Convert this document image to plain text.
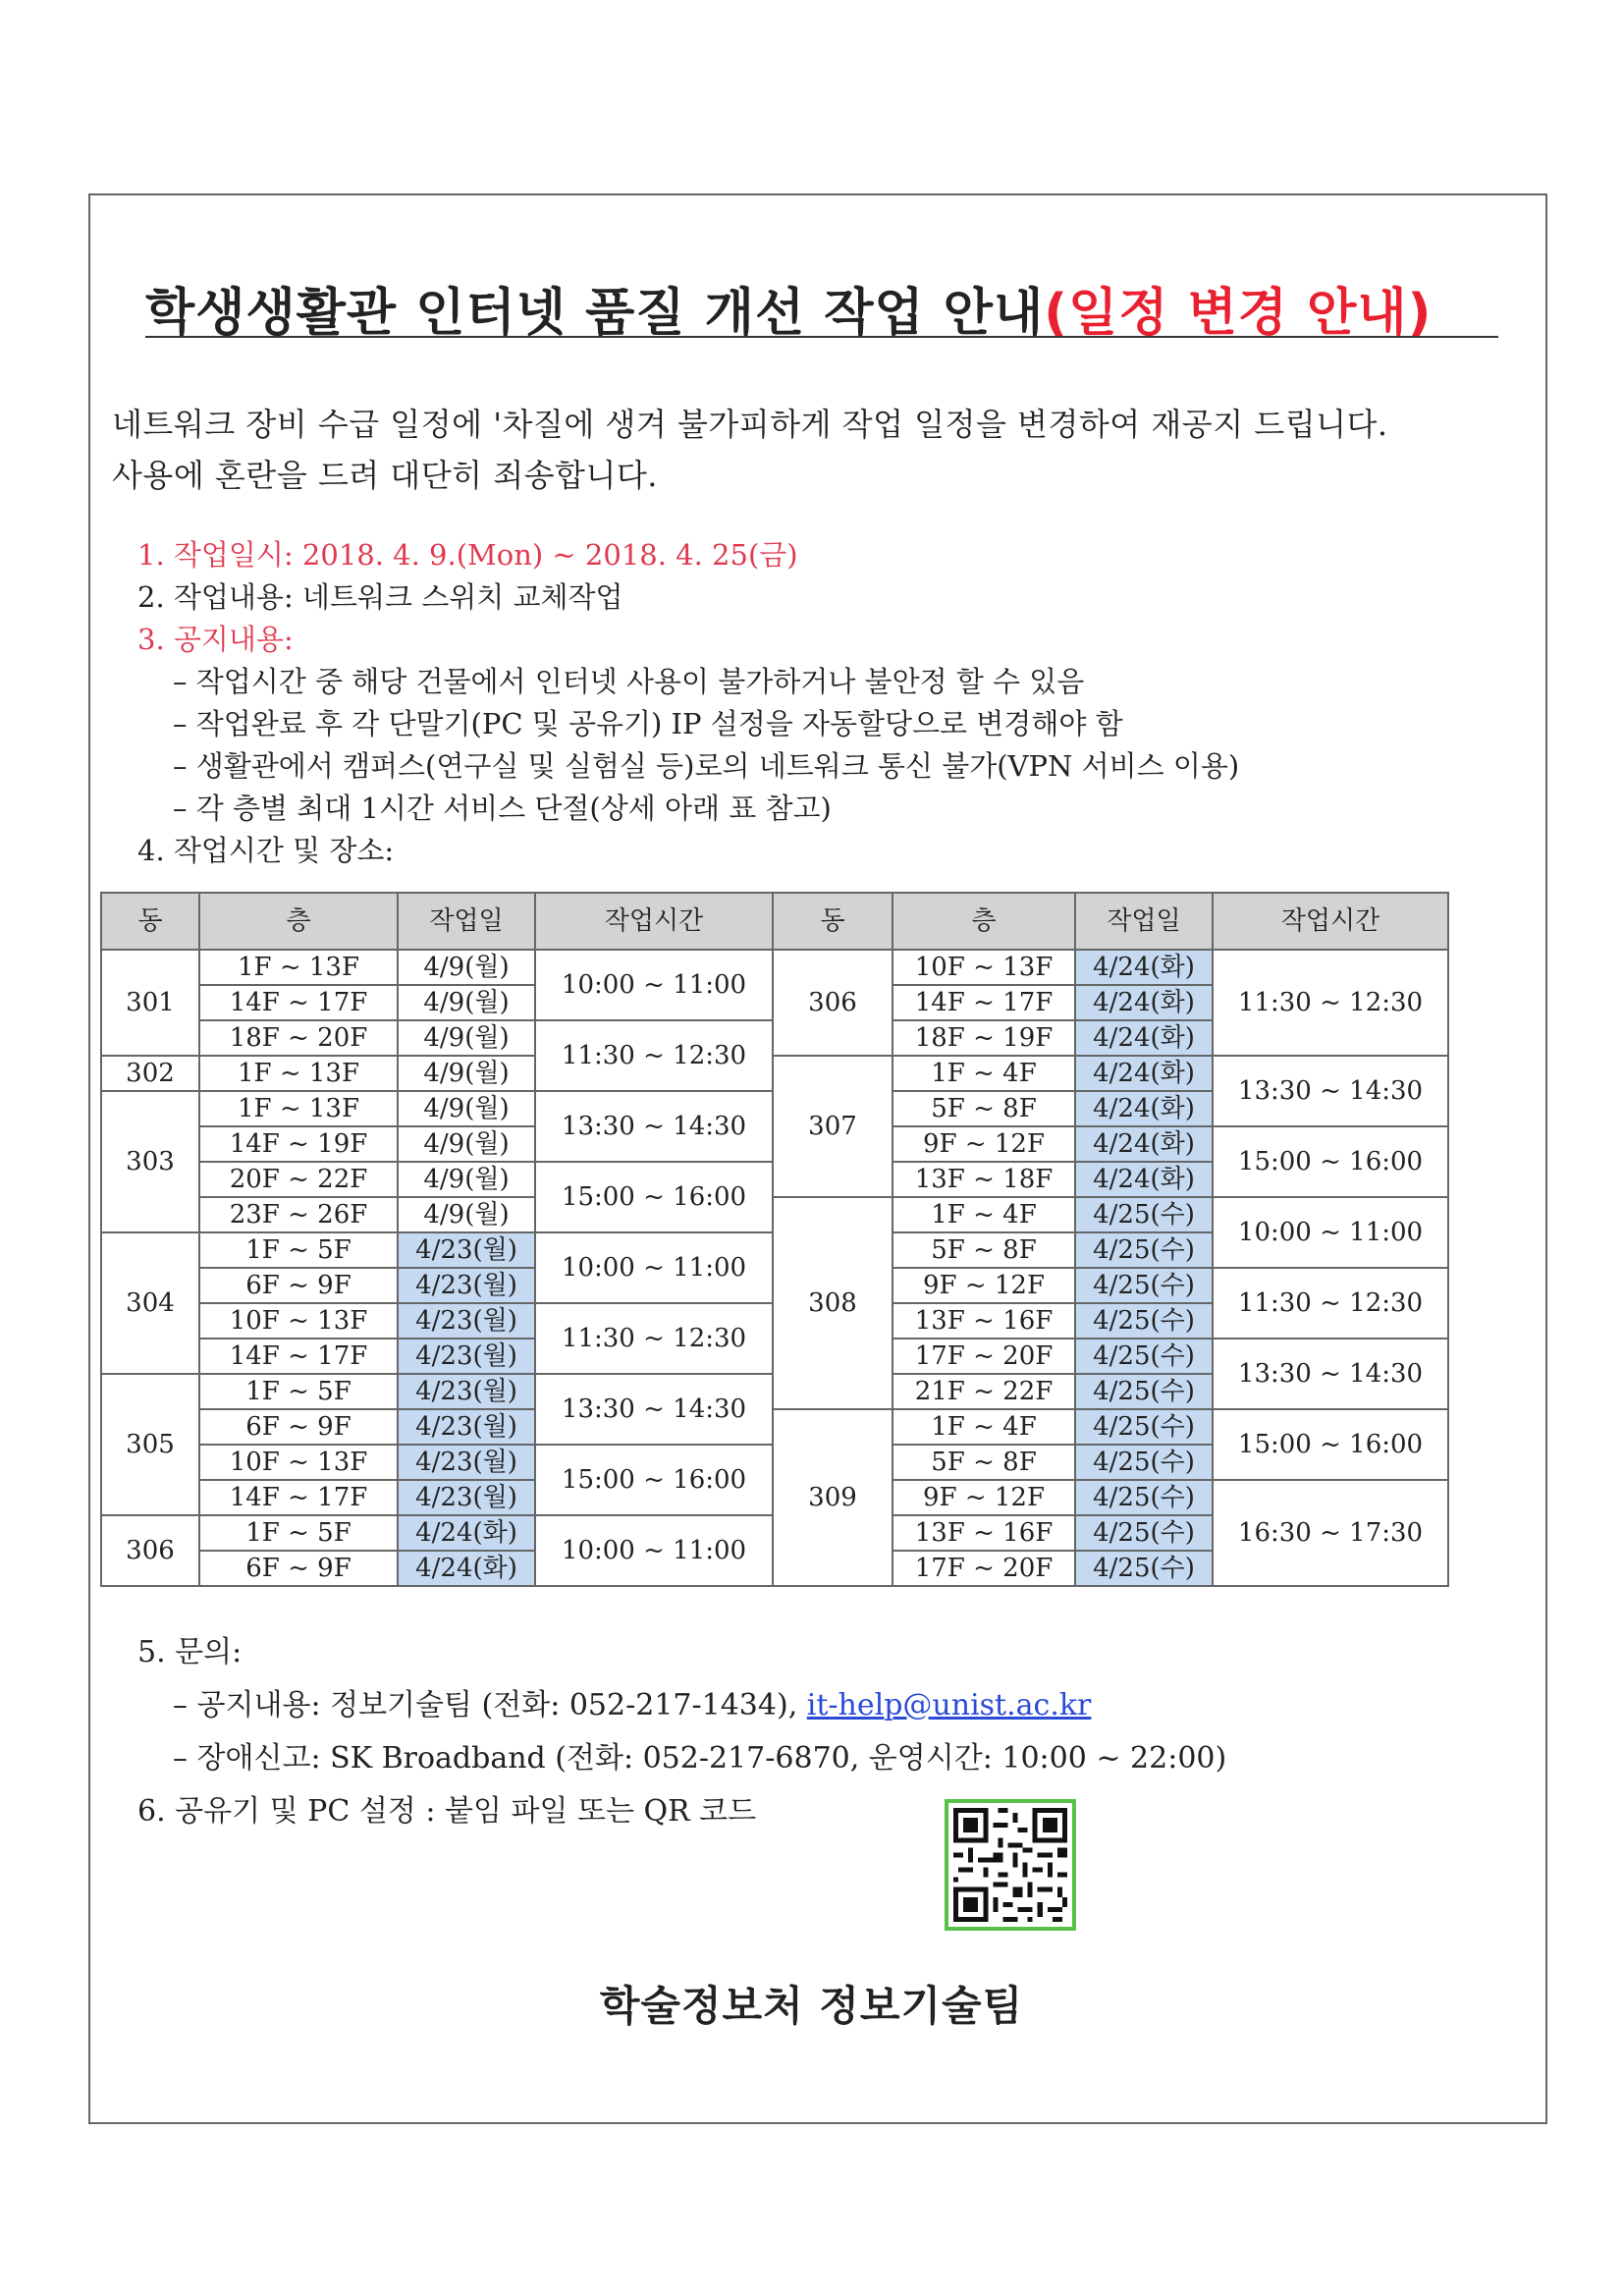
학생생활관 인터넷 품질 개선 작업 안내(일정 변경 안내)
네트워크 장비 수급 일정에 '차질에 생겨 불가피하게 작업 일정을 변경하여 재공지 드립니다.
사용에 혼란을 드려 대단히 죄송합니다.
1. 작업일시: 2018. 4. 9.(Mon) ~ 2018. 4. 25(금)
2. 작업내용: 네트워크 스위치 교체작업
3. 공지내용:
– 작업시간 중 해당 건물에서 인터넷 사용이 불가하거나 불안정 할 수 있음
– 작업완료 후 각 단말기(PC 및 공유기) IP 설정을 자동할당으로 변경해야 함
– 생활관에서 캠퍼스(연구실 및 실험실 등)로의 네트워크 통신 불가(VPN 서비스 이용)
– 각 층별 최대 1시간 서비스 단절(상세 아래 표 참고)
4. 작업시간 및 장소:
동	층	작업일	작업시간	동	층	작업일	작업시간
301	1F ~ 13F	4/9(월)	10:00 ~ 11:00	306	10F ~ 13F	4/24(화)	11:30 ~ 12:30
	14F ~ 17F	4/9(월)			14F ~ 17F	4/24(화)	
	18F ~ 20F	4/9(월)	11:30 ~ 12:30		18F ~ 19F	4/24(화)	
302	1F ~ 13F	4/9(월)		307	1F ~ 4F	4/24(화)	13:30 ~ 14:30
303	1F ~ 13F	4/9(월)	13:30 ~ 14:30		5F ~ 8F	4/24(화)	
	14F ~ 19F	4/9(월)			9F ~ 12F	4/24(화)	15:00 ~ 16:00
	20F ~ 22F	4/9(월)	15:00 ~ 16:00		13F ~ 18F	4/24(화)	
	23F ~ 26F	4/9(월)		308	1F ~ 4F	4/25(수)	10:00 ~ 11:00
304	1F ~ 5F	4/23(월)	10:00 ~ 11:00		5F ~ 8F	4/25(수)	
	6F ~ 9F	4/23(월)			9F ~ 12F	4/25(수)	11:30 ~ 12:30
	10F ~ 13F	4/23(월)	11:30 ~ 12:30		13F ~ 16F	4/25(수)	
	14F ~ 17F	4/23(월)			17F ~ 20F	4/25(수)	13:30 ~ 14:30
305	1F ~ 5F	4/23(월)	13:30 ~ 14:30		21F ~ 22F	4/25(수)	
	6F ~ 9F	4/23(월)		309	1F ~ 4F	4/25(수)	15:00 ~ 16:00
	10F ~ 13F	4/23(월)	15:00 ~ 16:00		5F ~ 8F	4/25(수)	
	14F ~ 17F	4/23(월)			9F ~ 12F	4/25(수)	16:30 ~ 17:30
306	1F ~ 5F	4/24(화)	10:00 ~ 11:00		13F ~ 16F	4/25(수)	
	6F ~ 9F	4/24(화)			17F ~ 20F	4/25(수)	
5. 문의:
– 공지내용: 정보기술팀 (전화: 052-217-1434), it-help@unist.ac.kr
– 장애신고: SK Broadband (전화: 052-217-6870, 운영시간: 10:00 ~ 22:00)
6. 공유기 및 PC 설정 : 붙임 파일 또는 QR 코드
학술정보처 정보기술팀
